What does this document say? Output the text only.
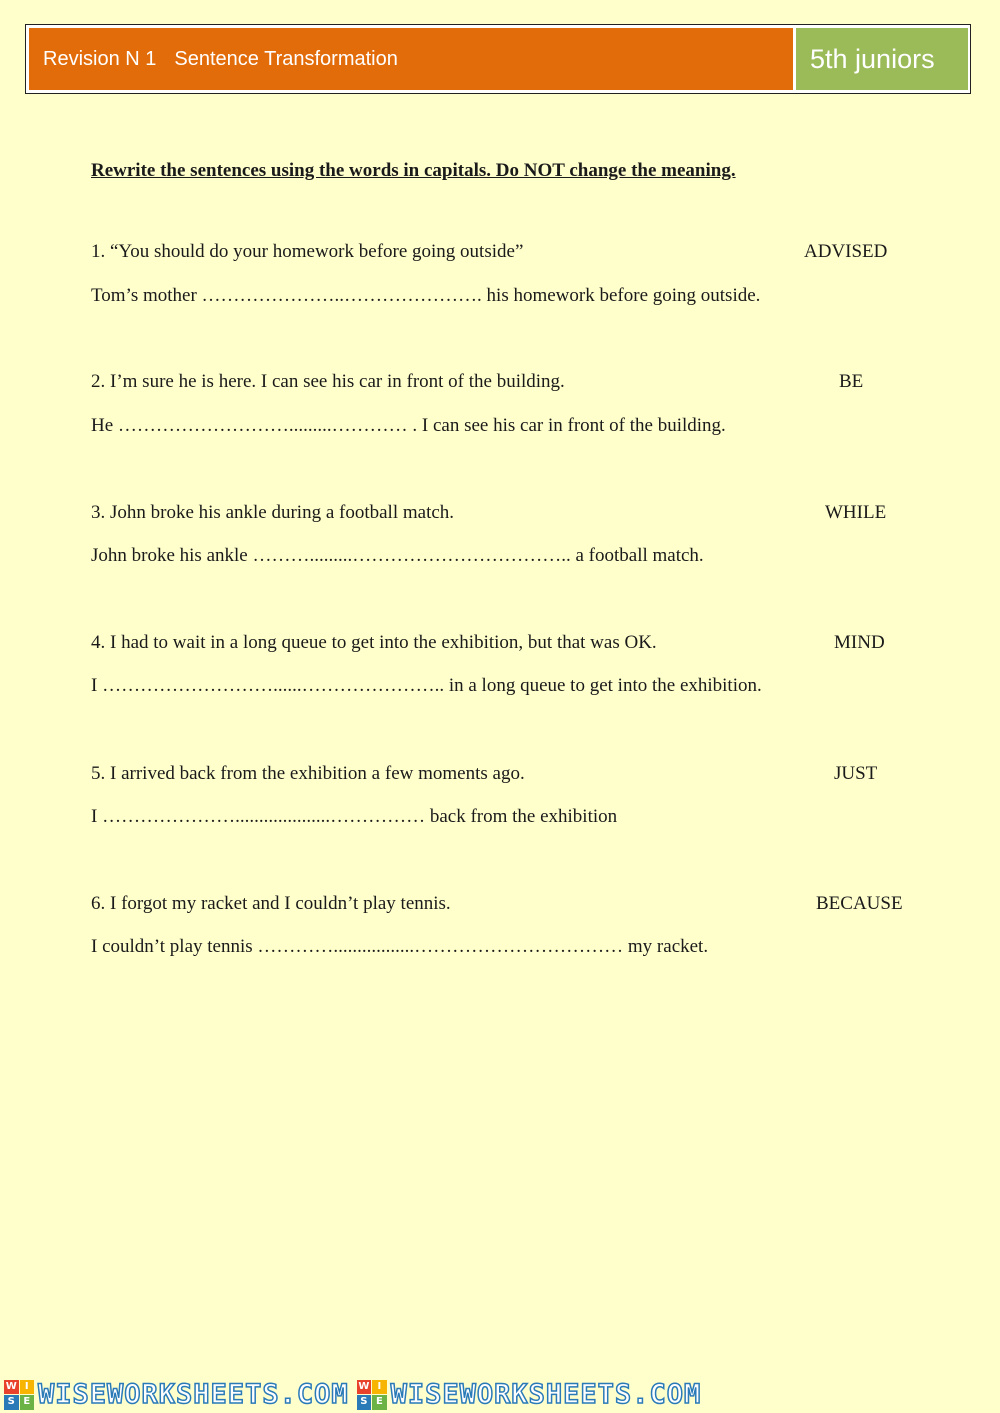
Revision N 1 Sentence Transformation	5th juniors
Rewrite the sentences using the words in capitals. Do NOT change the meaning.
1. “You should do your homework before going outside”	ADVISED
Tom’s mother …………………..…………………. his homework before going outside.
2. I’m sure he is here. I can see his car in front of the building.	BE
He ……………………….........………… . I can see his car in front of the building.
3. John broke his ankle during a football match.	WHILE
John broke his ankle ……….........…………………………….. a football match.
4. I had to wait in a long queue to get into the exhibition, but that was OK.	MIND
I ………………………......………………….. in a long queue to get into the exhibition.
5. I arrived back from the exhibition a few moments ago.	JUST
I …………………....................…………… back from the exhibition
6. I forgot my racket and I couldn’t play tennis.	BECAUSE
I couldn’t play tennis ………….................…………………………… my racket.
W I
S E WISEWORKSHEETS.COM W I
S E WISEWORKSHEETS.COM
